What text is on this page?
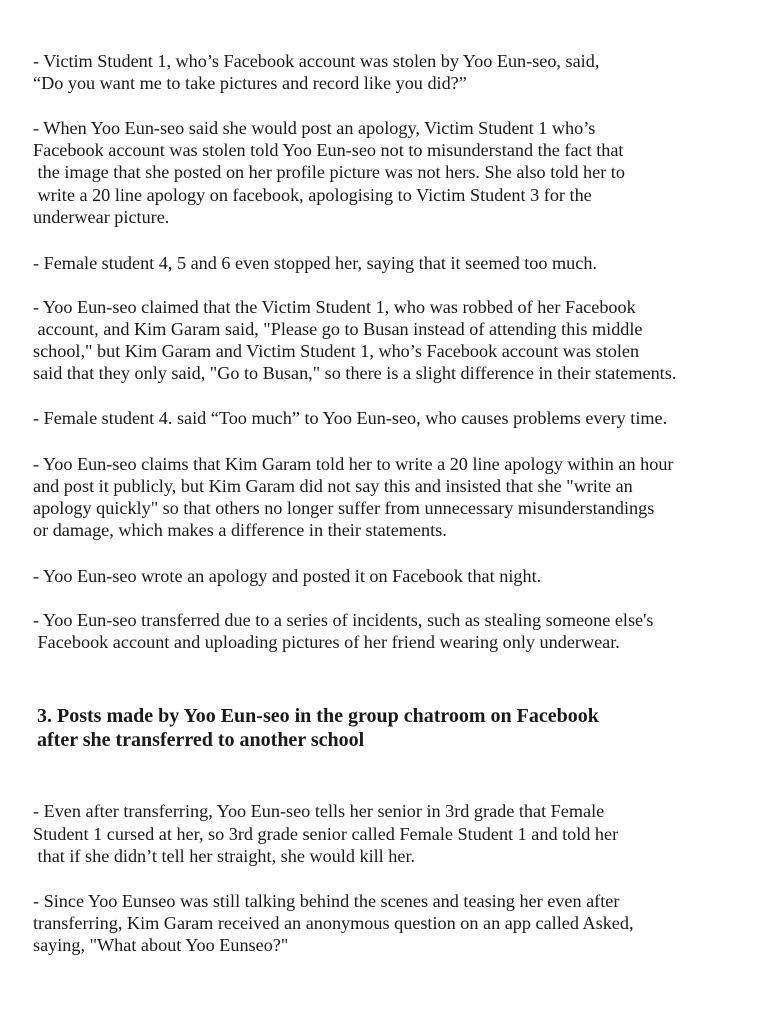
- Victim Student 1, who’s Facebook account was stolen by Yoo Eun-seo, said,
“Do you want me to take pictures and record like you did?”
- When Yoo Eun-seo said she would post an apology, Victim Student 1 who’s
Facebook account was stolen told Yoo Eun-seo not to misunderstand the fact that
the image that she posted on her profile picture was not hers. She also told her to
write a 20 line apology on facebook, apologising to Victim Student 3 for the
underwear picture.
- Female student 4, 5 and 6 even stopped her, saying that it seemed too much.
- Yoo Eun-seo claimed that the Victim Student 1, who was robbed of her Facebook
account, and Kim Garam said, "Please go to Busan instead of attending this middle
school," but Kim Garam and Victim Student 1, who’s Facebook account was stolen
said that they only said, "Go to Busan," so there is a slight difference in their statements.
- Female student 4. said “Too much” to Yoo Eun-seo, who causes problems every time.
- Yoo Eun-seo claims that Kim Garam told her to write a 20 line apology within an hour
and post it publicly, but Kim Garam did not say this and insisted that she "write an
apology quickly" so that others no longer suffer from unnecessary misunderstandings
or damage, which makes a difference in their statements.
- Yoo Eun-seo wrote an apology and posted it on Facebook that night.
- Yoo Eun-seo transferred due to a series of incidents, such as stealing someone else's
Facebook account and uploading pictures of her friend wearing only underwear.
3. Posts made by Yoo Eun-seo in the group chatroom on Facebook
after she transferred to another school
- Even after transferring, Yoo Eun-seo tells her senior in 3rd grade that Female
Student 1 cursed at her, so 3rd grade senior called Female Student 1 and told her
that if she didn’t tell her straight, she would kill her.
- Since Yoo Eunseo was still talking behind the scenes and teasing her even after
transferring, Kim Garam received an anonymous question on an app called Asked,
saying, "What about Yoo Eunseo?"
